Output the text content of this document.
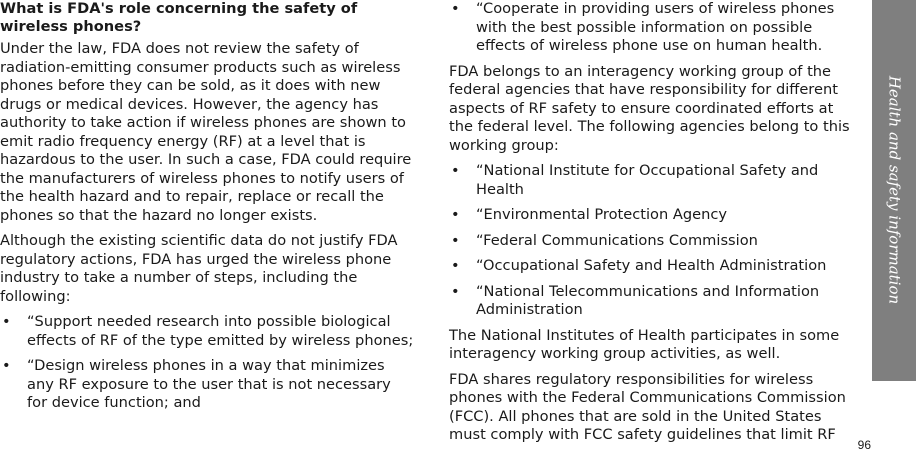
What is FDA's role concerning the safety of wireless phones?

Under the law, FDA does not review the safety of radiation-emitting consumer products such as wireless phones before they can be sold, as it does with new drugs or medical devices. However, the agency has authority to take action if wireless phones are shown to emit radio frequency energy (RF) at a level that is hazardous to the user. In such a case, FDA could require the manufacturers of wireless phones to notify users of the health hazard and to repair, replace or recall the phones so that the hazard no longer exists.

Although the existing scientific data do not justify FDA regulatory actions, FDA has urged the wireless phone industry to take a number of steps, including the following:

• “Support needed research into possible biological effects of RF of the type emitted by wireless phones;
• “Design wireless phones in a way that minimizes any RF exposure to the user that is not necessary for device function; and
• “Cooperate in providing users of wireless phones with the best possible information on possible effects of wireless phone use on human health.

FDA belongs to an interagency working group of the federal agencies that have responsibility for different aspects of RF safety to ensure coordinated efforts at the federal level. The following agencies belong to this working group:

• “National Institute for Occupational Safety and Health
• “Environmental Protection Agency
• “Federal Communications Commission
• “Occupational Safety and Health Administration
• “National Telecommunications and Information Administration

The National Institutes of Health participates in some interagency working group activities, as well.

FDA shares regulatory responsibilities for wireless phones with the Federal Communications Commission (FCC). All phones that are sold in the United States must comply with FCC safety guidelines that limit RF

Health and safety information
96
